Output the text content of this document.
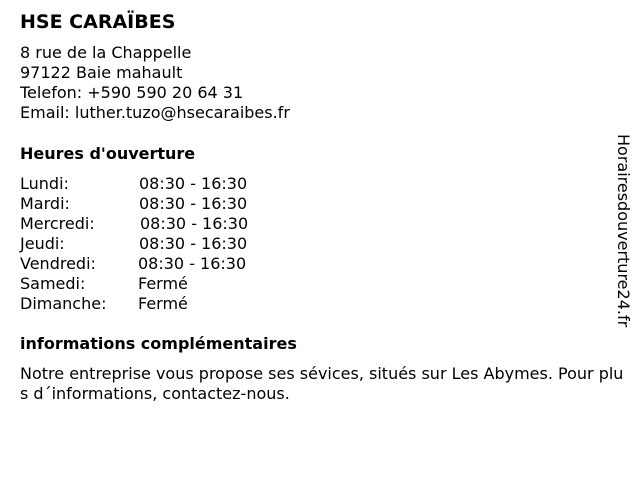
HSE CARAÏBES
8 rue de la Chappelle
97122 Baie mahault
Telefon: +590 590 20 64 31
Email: luther.tuzo@hsecaraibes.fr
Heures d'ouverture
Lundi:	08:30 - 16:30
Mardi:	08:30 - 16:30
Mercredi:	08:30 - 16:30
Jeudi:	08:30 - 16:30
Vendredi:	08:30 - 16:30
Samedi:	Fermé
Dimanche: Fermé
informations complémentaires
Notre entreprise vous propose ses sévices, situés sur Les Abymes. Pour plus d´informations, contactez-nous.
Horairesdouverture24.fr
